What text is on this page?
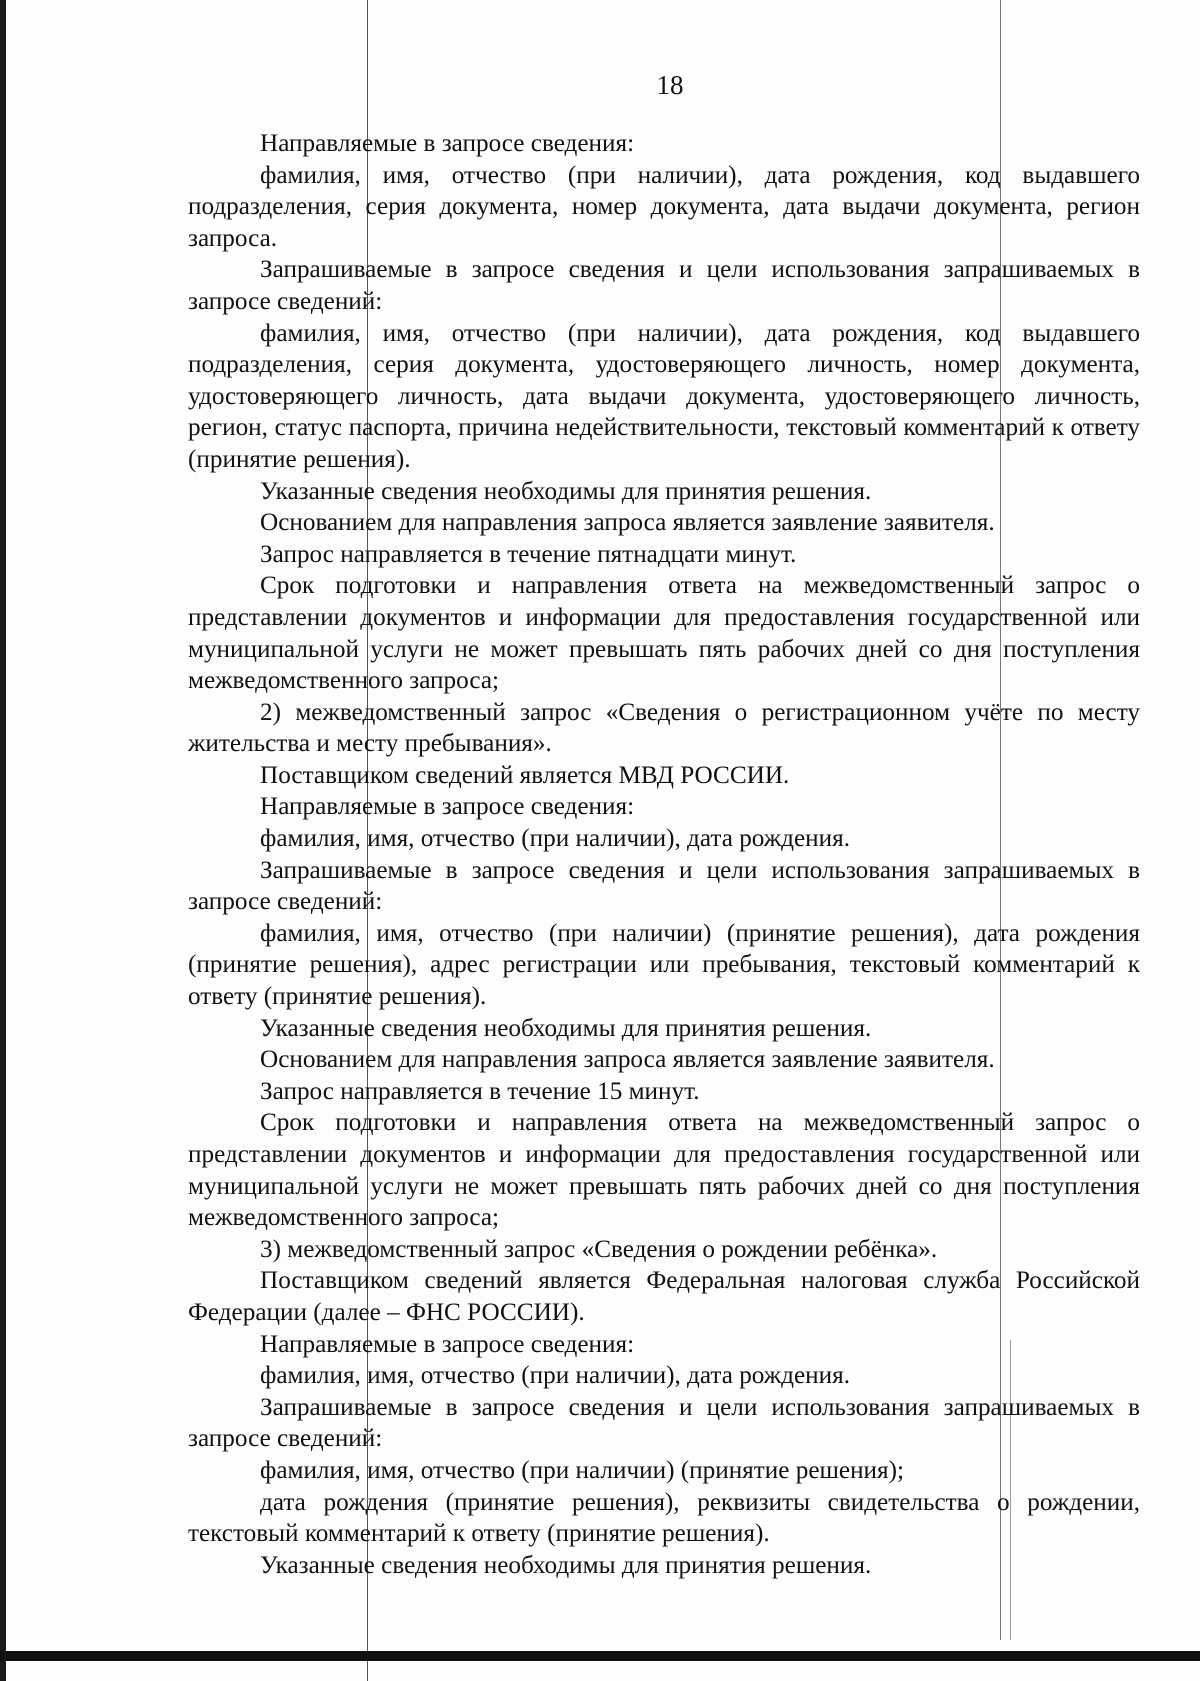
18

Направляемые в запросе сведения:

фамилия, имя, отчество (при наличии), дата рождения, код выдавшего подразделения, серия документа, номер документа, дата выдачи документа, регион запроса.

Запрашиваемые в запросе сведения и цели использования запрашиваемых в запросе сведений:

фамилия, имя, отчество (при наличии), дата рождения, код выдавшего подразделения, серия документа, удостоверяющего личность, номер документа, удостоверяющего личность, дата выдачи документа, удостоверяющего личность, регион, статус паспорта, причина недействительности, текстовый комментарий к ответу (принятие решения).

Указанные сведения необходимы для принятия решения.

Основанием для направления запроса является заявление заявителя.

Запрос направляется в течение пятнадцати минут.

Срок подготовки и направления ответа на межведомственный запрос о представлении документов и информации для предоставления государственной или муниципальной услуги не может превышать пять рабочих дней со дня поступления межведомственного запроса;

2) межведомственный запрос «Сведения о регистрационном учёте по месту жительства и месту пребывания».

Поставщиком сведений является МВД РОССИИ.

Направляемые в запросе сведения:

фамилия, имя, отчество (при наличии), дата рождения.

Запрашиваемые в запросе сведения и цели использования запрашиваемых в запросе сведений:

фамилия, имя, отчество (при наличии) (принятие решения), дата рождения (принятие решения), адрес регистрации или пребывания, текстовый комментарий к ответу (принятие решения).

Указанные сведения необходимы для принятия решения.

Основанием для направления запроса является заявление заявителя.

Запрос направляется в течение 15 минут.

Срок подготовки и направления ответа на межведомственный запрос о представлении документов и информации для предоставления государственной или муниципальной услуги не может превышать пять рабочих дней со дня поступления межведомственного запроса;

3) межведомственный запрос «Сведения о рождении ребёнка».

Поставщиком сведений является Федеральная налоговая служба Российской Федерации (далее – ФНС РОССИИ).

Направляемые в запросе сведения:

фамилия, имя, отчество (при наличии), дата рождения.

Запрашиваемые в запросе сведения и цели использования запрашиваемых в запросе сведений:

фамилия, имя, отчество (при наличии) (принятие решения);

дата рождения (принятие решения), реквизиты свидетельства о рождении, текстовый комментарий к ответу (принятие решения).

Указанные сведения необходимы для принятия решения.
